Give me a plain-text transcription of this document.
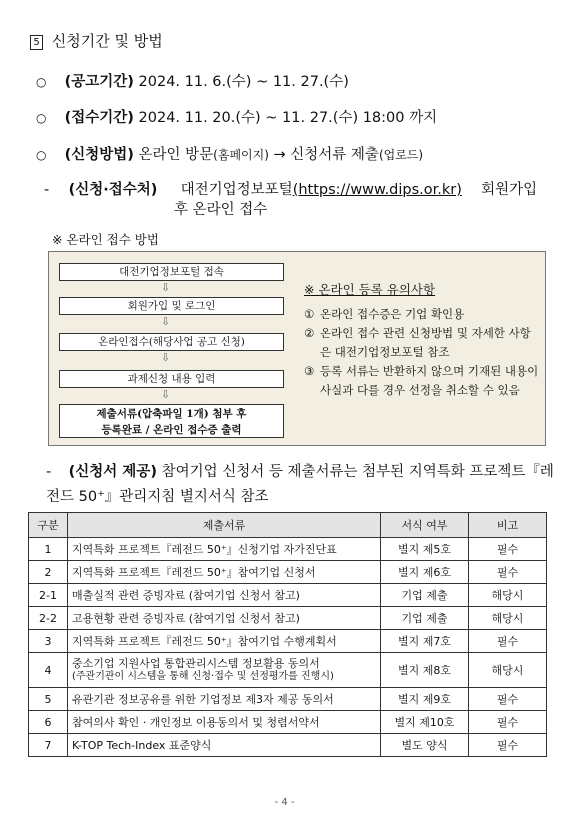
5 신청기간 및 방법
○ (공고기간) 2024. 11. 6.(수) ~ 11. 27.(수)
○ (접수기간) 2024. 11. 20.(수) ~ 11. 27.(수) 18:00 까지
○ (신청방법) 온라인 방문(홈페이지) → 신청서류 제출(업로드)
- (신청·접수처) 대전기업정보포털(https://www.dips.or.kr) 회원가입
후 온라인 접수
※ 온라인 접수 방법
대전기업정보포털 접속
⇩
회원가입 및 로그인
⇩
온라인접수(해당사업 공고 신청)
⇩
과제신청 내용 입력
⇩
제출서류(압축파일 1개) 첨부 후
등록완료 / 온라인 접수증 출력
※ 온라인 등록 유의사항
① 온라인 접수증은 기업 확인용
② 온라인 접수 관련 신청방법 및 자세한 사항은 대전기업정보포털 참조
③ 등록 서류는 반환하지 않으며 기재된 내용이 사실과 다를 경우 선정을 취소할 수 있음
- (신청서 제공) 참여기업 신청서 등 제출서류는 첨부된 지역특화 프로젝트『레전드 50⁺』관리지침 별지서식 참조
구분	제출서류	서식 여부	비고
1	지역특화 프로젝트『레전드 50⁺』신청기업 자가진단표	별지 제5호	필수
2	지역특화 프로젝트『레전드 50⁺』참여기업 신청서	별지 제6호	필수
2-1	매출실적 관련 증빙자료 (참여기업 신청서 참고)	기업 제출	해당시
2-2	고용현황 관련 증빙자료 (참여기업 신청서 참고)	기업 제출	해당시
3	지역특화 프로젝트『레전드 50⁺』참여기업 수행계획서	별지 제7호	필수
4	중소기업 지원사업 통합관리시스템 정보활용 동의서
(주관기관이 시스템을 통해 신청·접수 및 선정평가를 진행시)	별지 제8호	해당시
5	유관기관 정보공유를 위한 기업정보 제3자 제공 동의서	별지 제9호	필수
6	참여의사 확인 · 개인정보 이용동의서 및 청렴서약서	별지 제10호	필수
7	K-TOP Tech-Index 표준양식	별도 양식	필수
- 4 -
